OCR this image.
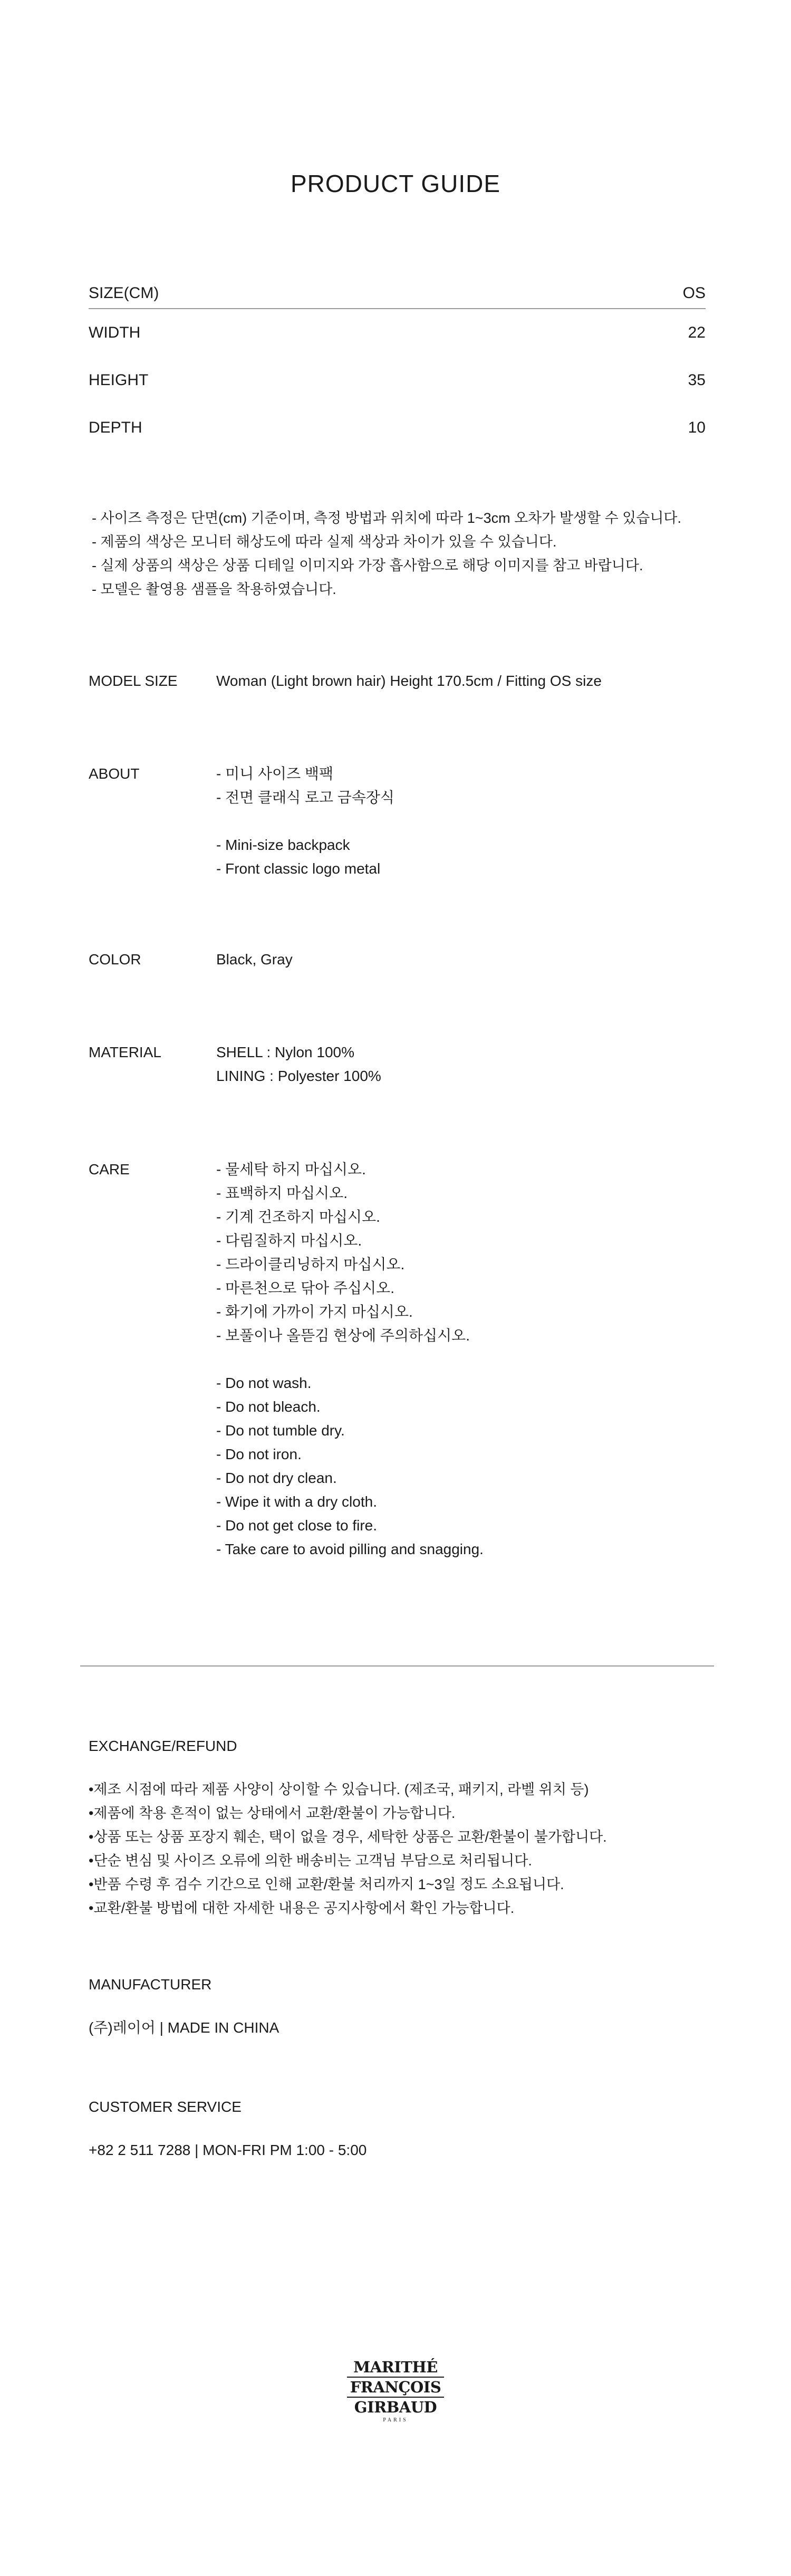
PRODUCT GUIDE
SIZE(CM)	OS
WIDTH	22
HEIGHT	35
DEPTH	10
- 사이즈 측정은 단면(cm) 기준이며, 측정 방법과 위치에 따라 1~3cm 오차가 발생할 수 있습니다.
- 제품의 색상은 모니터 해상도에 따라 실제 색상과 차이가 있을 수 있습니다.
- 실제 상품의 색상은 상품 디테일 이미지와 가장 흡사함으로 해당 이미지를 참고 바랍니다.
- 모델은 촬영용 샘플을 착용하였습니다.
MODEL SIZE	Woman (Light brown hair) Height 170.5cm / Fitting OS size
ABOUT	- 미니 사이즈 백팩
- 전면 클래식 로고 금속장식
- Mini-size backpack
- Front classic logo metal
COLOR	Black, Gray
MATERIAL	SHELL : Nylon 100%
LINING : Polyester 100%
CARE	- 물세탁 하지 마십시오.
- 표백하지 마십시오.
- 기계 건조하지 마십시오.
- 다림질하지 마십시오.
- 드라이클리닝하지 마십시오.
- 마른천으로 닦아 주십시오.
- 화기에 가까이 가지 마십시오.
- 보풀이나 올뜯김 현상에 주의하십시오.
- Do not wash.
- Do not bleach.
- Do not tumble dry.
- Do not iron.
- Do not dry clean.
- Wipe it with a dry cloth.
- Do not get close to fire.
- Take care to avoid pilling and snagging.
EXCHANGE/REFUND
•제조 시점에 따라 제품 사양이 상이할 수 있습니다. (제조국, 패키지, 라벨 위치 등)
•제품에 착용 흔적이 없는 상태에서 교환/환불이 가능합니다.
•상품 또는 상품 포장지 훼손, 택이 없을 경우, 세탁한 상품은 교환/환불이 불가합니다.
•단순 변심 및 사이즈 오류에 의한 배송비는 고객님 부담으로 처리됩니다.
•반품 수령 후 검수 기간으로 인해 교환/환불 처리까지 1~3일 정도 소요됩니다.
•교환/환불 방법에 대한 자세한 내용은 공지사항에서 확인 가능합니다.
MANUFACTURER
(주)레이어 | MADE IN CHINA
CUSTOMER SERVICE
+82 2 511 7288 | MON-FRI PM 1:00 - 5:00
MARITHÉ
FRANÇOIS
GIRBAUD
PARIS
